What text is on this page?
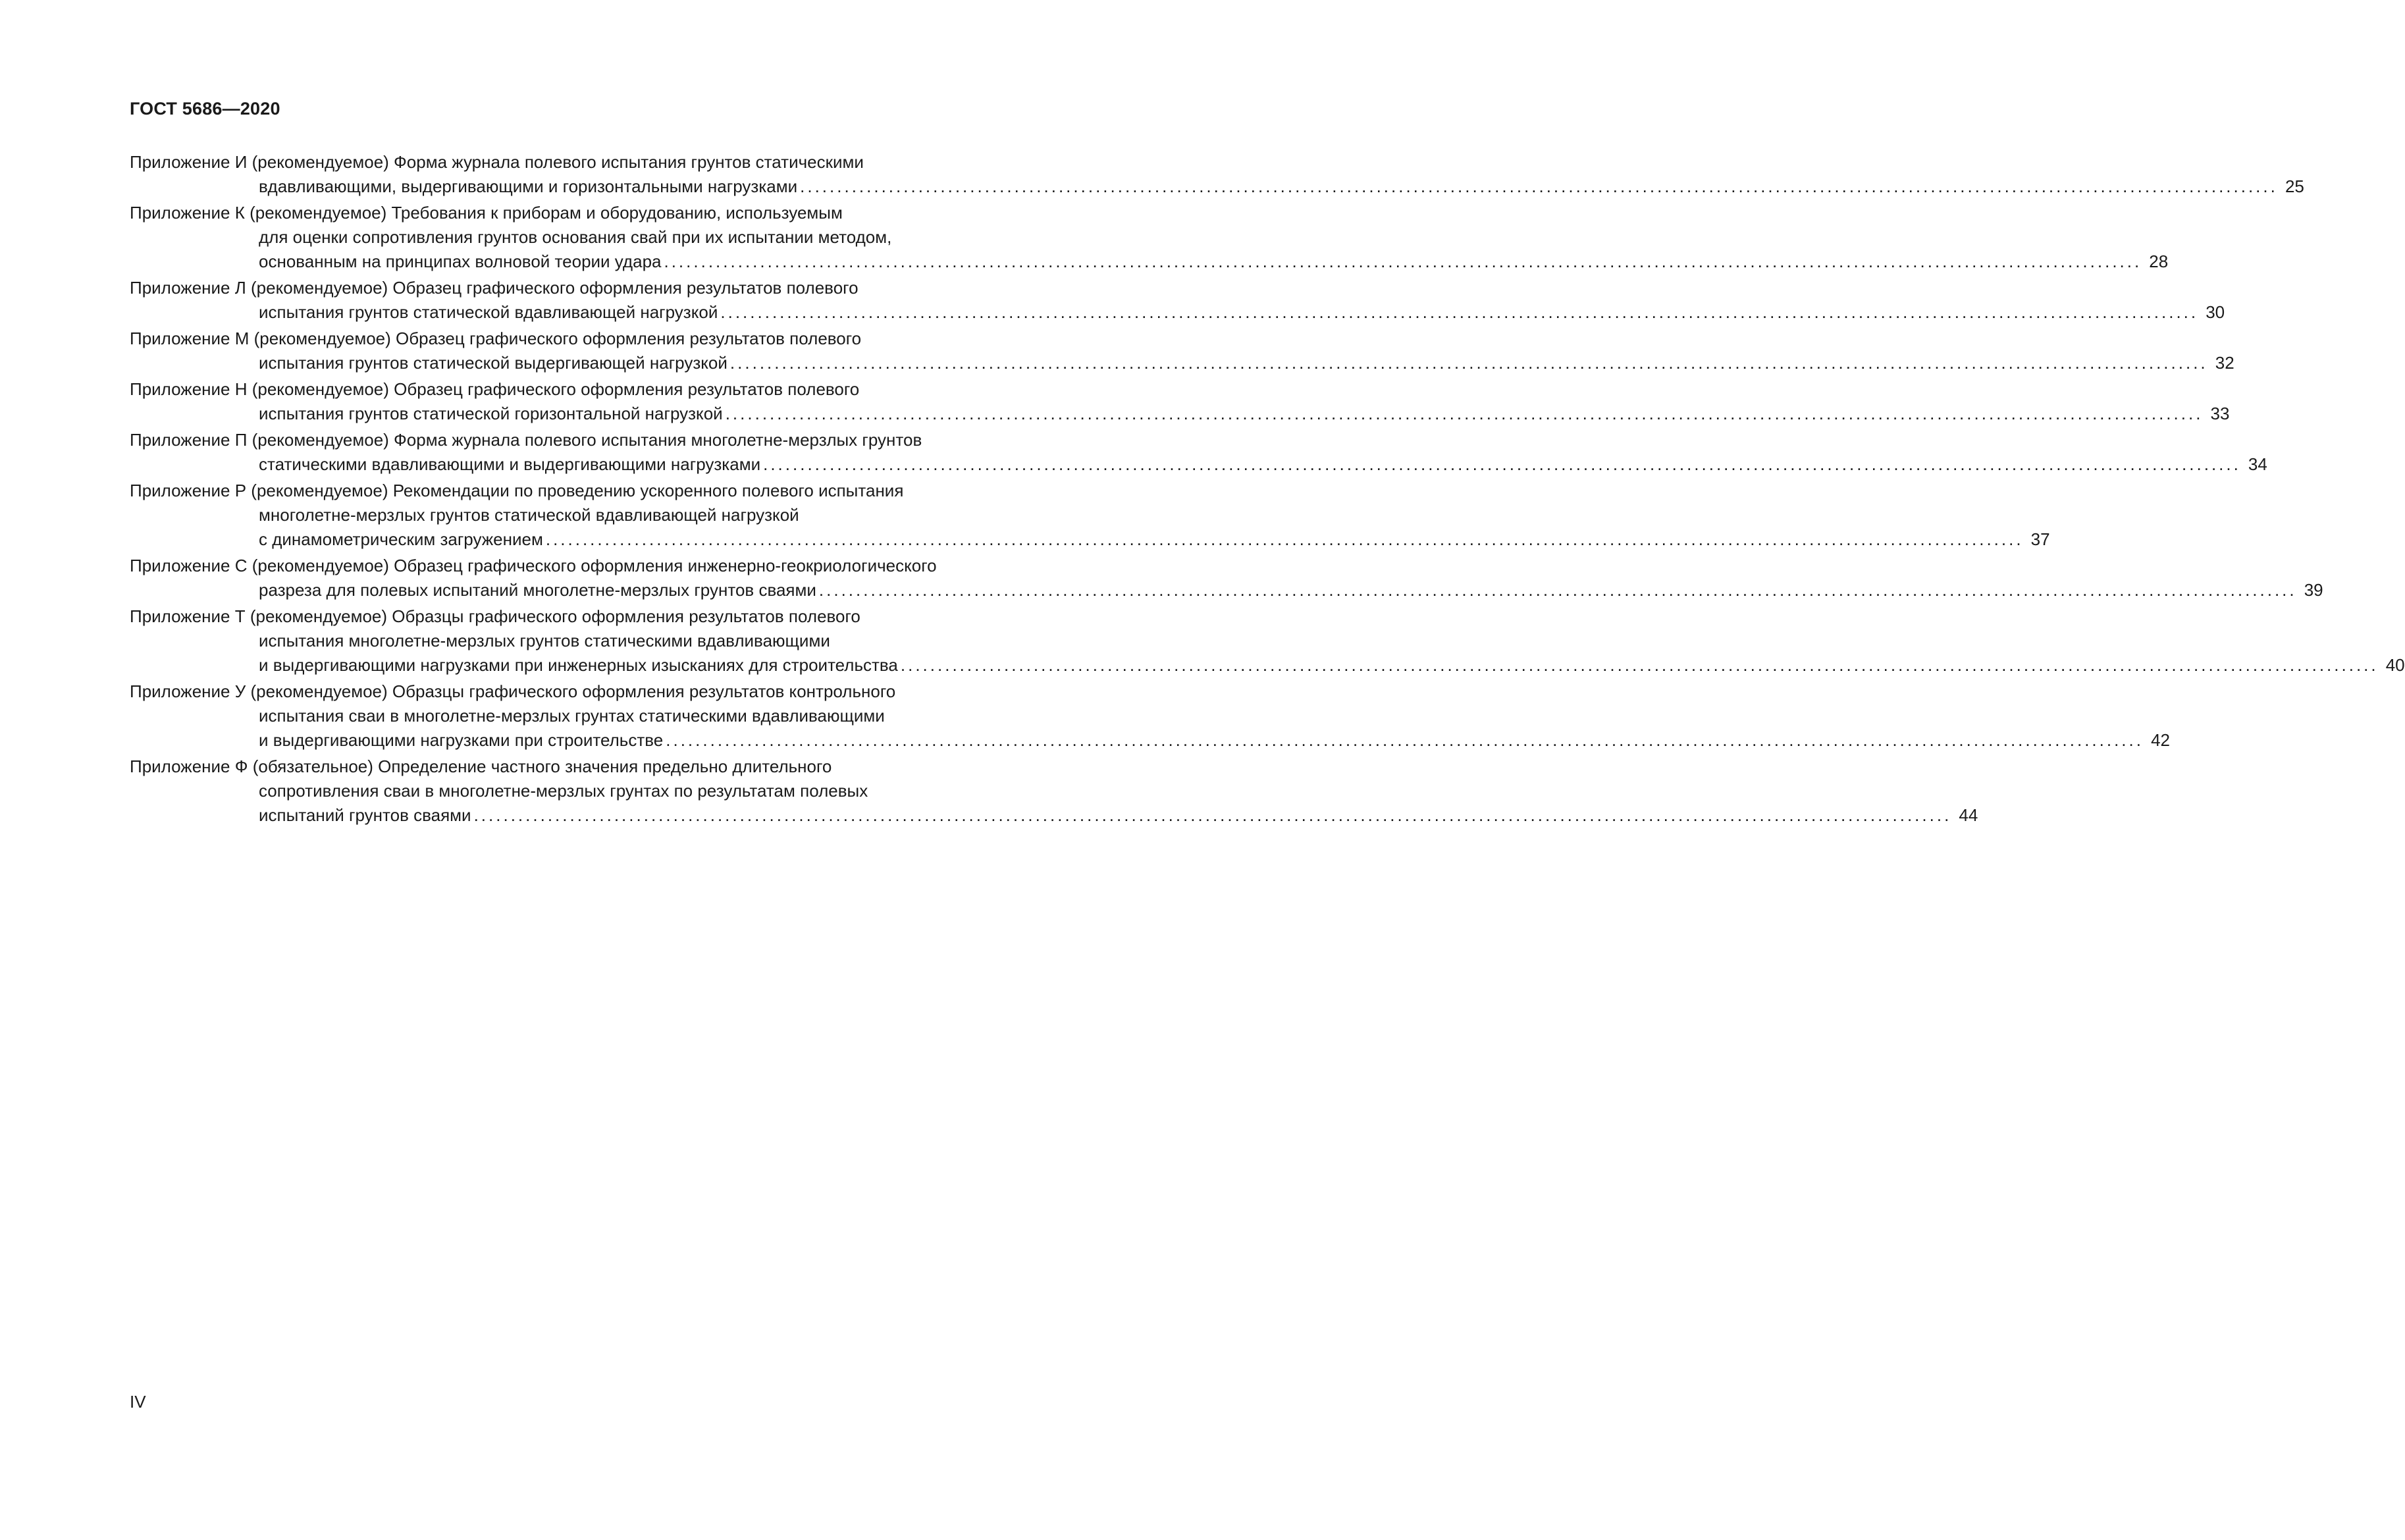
ГОСТ 5686—2020
Приложение И (рекомендуемое) Форма журнала полевого испытания грунтов статическими
вдавливающими, выдергивающими и горизонтальными нагрузками ........................................................................................................................................................................................................ 25
Приложение К (рекомендуемое) Требования к приборам и оборудованию, используемым
для оценки сопротивления грунтов основания свай при их испытании методом,
основанным на принципах волновой теории удара ........................................................................................................................................................................................................ 28
Приложение Л (рекомендуемое) Образец графического оформления результатов полевого
испытания грунтов статической вдавливающей нагрузкой ........................................................................................................................................................................................................ 30
Приложение М (рекомендуемое) Образец графического оформления результатов полевого
испытания грунтов статической выдергивающей нагрузкой ........................................................................................................................................................................................................ 32
Приложение Н (рекомендуемое) Образец графического оформления результатов полевого
испытания грунтов статической горизонтальной нагрузкой ........................................................................................................................................................................................................ 33
Приложение П (рекомендуемое) Форма журнала полевого испытания многолетне-мерзлых грунтов
статическими вдавливающими и выдергивающими нагрузками ........................................................................................................................................................................................................ 34
Приложение Р (рекомендуемое) Рекомендации по проведению ускоренного полевого испытания
многолетне-мерзлых грунтов статической вдавливающей нагрузкой
с динамометрическим загружением ........................................................................................................................................................................................................ 37
Приложение С (рекомендуемое) Образец графического оформления инженерно-геокриологического
разреза для полевых испытаний многолетне-мерзлых грунтов сваями ........................................................................................................................................................................................................ 39
Приложение Т (рекомендуемое) Образцы графического оформления результатов полевого
испытания многолетне-мерзлых грунтов статическими вдавливающими
и выдергивающими нагрузками при инженерных изысканиях для строительства ........................................................................................................................................................................................................ 40
Приложение У (рекомендуемое) Образцы графического оформления результатов контрольного
испытания сваи в многолетне-мерзлых грунтах статическими вдавливающими
и выдергивающими нагрузками при строительстве ........................................................................................................................................................................................................ 42
Приложение Ф (обязательное) Определение частного значения предельно длительного
сопротивления сваи в многолетне-мерзлых грунтах по результатам полевых
испытаний грунтов сваями ........................................................................................................................................................................................................ 44
IV
